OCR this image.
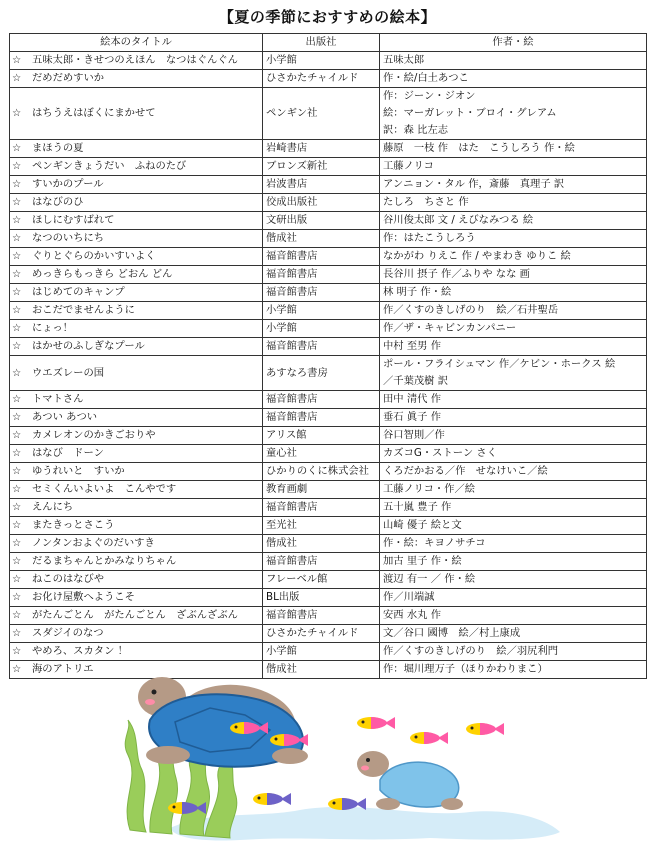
【夏の季節におすすめの絵本】
絵本のタイトル	出版社	作者・絵
☆ 五味太郎・きせつのえほん　なつはぐんぐん	小学館	五味太郎
☆ だめだめすいか	ひさかたチャイルド	作・絵/白土あつこ
☆ はちうえはぼくにまかせて	ペンギン社	作：ジーン・ジオン
絵：マーガレット・ブロイ・グレアム
訳：森 比左志

☆ まほうの夏	岩崎書店	藤原　一枝 作　はた　こうしろう 作・絵
☆ ペンギンきょうだい　ふねのたび	ブロンズ新社	工藤ノリコ
☆ すいかのプール	岩波書店	アンニョン・タル 作，斎藤　真理子 訳
☆ はなびのひ	佼成出版社	たしろ　ちさと 作
☆ ほしにむすばれて	文研出版	谷川俊太郎 文 / えびなみつる 絵
☆ なつのいちにち	偕成社	作：はたこうしろう
☆ ぐりとぐらのかいすいよく	福音館書店	なかがわ りえこ 作 / やまわき ゆりこ 絵
☆ めっきらもっきら どおん どん	福音館書店	長谷川 摂子 作／ふりや なな 画
☆ はじめてのキャンプ	福音館書店	林 明子 作・絵
☆ おこだでませんように	小学館	作／くすのきしげのり　絵／石井聖岳
☆ にょっ！	小学館	作／ザ・キャビンカンパニー
☆ はかせのふしぎなプール	福音館書店	中村 至男 作
☆ ウエズレーの国	あすなろ書房	ポール・フライシュマン 作／ケビン・ホークス 絵
／千葉茂樹 訳

☆ トマトさん	福音館書店	田中 清代 作
☆ あつい あつい	福音館書店	垂石 眞子 作
☆ カメレオンのかきごおりや	アリス館	谷口智則／作
☆ はなび　ドーン	童心社	カズコG・ストーン さく
☆ ゆうれいと　すいか	ひかりのくに株式会社	くろだかおる／作　せなけいこ／絵
☆ セミくんいよいよ　こんやです	教育画劇	工藤ノリコ・作／絵
☆ えんにち	福音館書店	五十嵐 豊子 作
☆ またきっとさこう	至光社	山崎 優子 絵と文
☆ ノンタンおよぐのだいすき	偕成社	作・絵：キヨノサチコ
☆ だるまちゃんとかみなりちゃん	福音館書店	加古 里子 作・絵
☆ ねこのはなびや	フレーベル館	渡辺 有一 ／ 作・絵
☆ お化け屋敷へようこそ	BL出版	作／川端誠
☆ がたんごとん　がたんごとん　ざぶんざぶん	福音館書店	安西 水丸 作
☆ スダジイのなつ	ひさかたチャイルド	文／谷口 國博　絵／村上康成
☆ やめろ、スカタン ！	小学館	作／くすのきしげのり　絵／羽尻利門
☆ 海のアトリエ	偕成社	作：堀川理万子（ほりかわりまこ）
